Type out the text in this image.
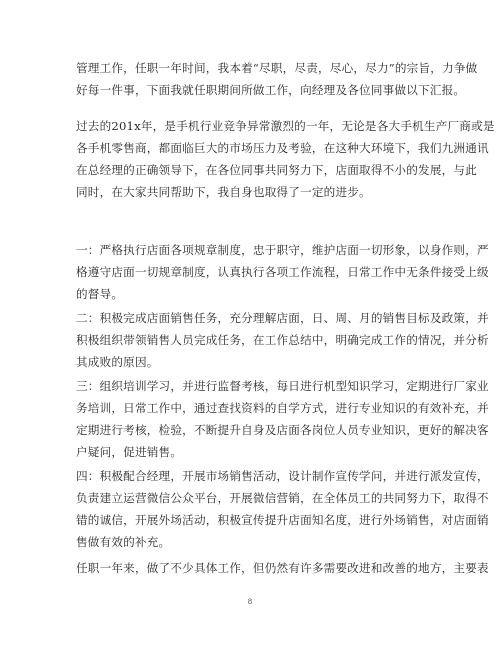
管理工作，任职一年时间，我本着“尽职，尽责，尽心，尽力”的宗旨，力争做
好每一件事，下面我就任职期间所做工作，向经理及各位同事做以下汇报。

过去的201x年，是手机行业竞争异常激烈的一年，无论是各大手机生产厂商或是
各手机零售商，都面临巨大的市场压力及考验，在这种大环境下，我们九洲通讯
在总经理的正确领导下，在各位同事共同努力下，店面取得不小的发展，与此
同时，在大家共同帮助下，我自身也取得了一定的进步。

一：严格执行店面各项规章制度，忠于职守，维护店面一切形象，以身作则，严
格遵守店面一切规章制度，认真执行各项工作流程，日常工作中无条件接受上级
的督导。

二：积极完成店面销售任务，充分理解店面，日、周、月的销售目标及政策，并
积极组织带领销售人员完成任务，在工作总结中，明确完成工作的情况，并分析
其成败的原因。

三：组织培训学习，并进行监督考核，每日进行机型知识学习，定期进行厂家业
务培训，日常工作中，通过查找资料的自学方式，进行专业知识的有效补充，并
定期进行考核，检验，不断提升自身及店面各岗位人员专业知识，更好的解决客
户疑问，促进销售。

四：积极配合经理，开展市场销售活动，设计制作宣传学问，并进行派发宣传，
负责建立运营微信公众平台，开展微信营销，在全体员工的共同努力下，取得不
错的诚信，开展外场活动，积极宣传提升店面知名度，进行外场销售，对店面销
售做有效的补充。

任职一年来，做了不少具体工作，但仍然有许多需要改进和改善的地方，主要表

8
